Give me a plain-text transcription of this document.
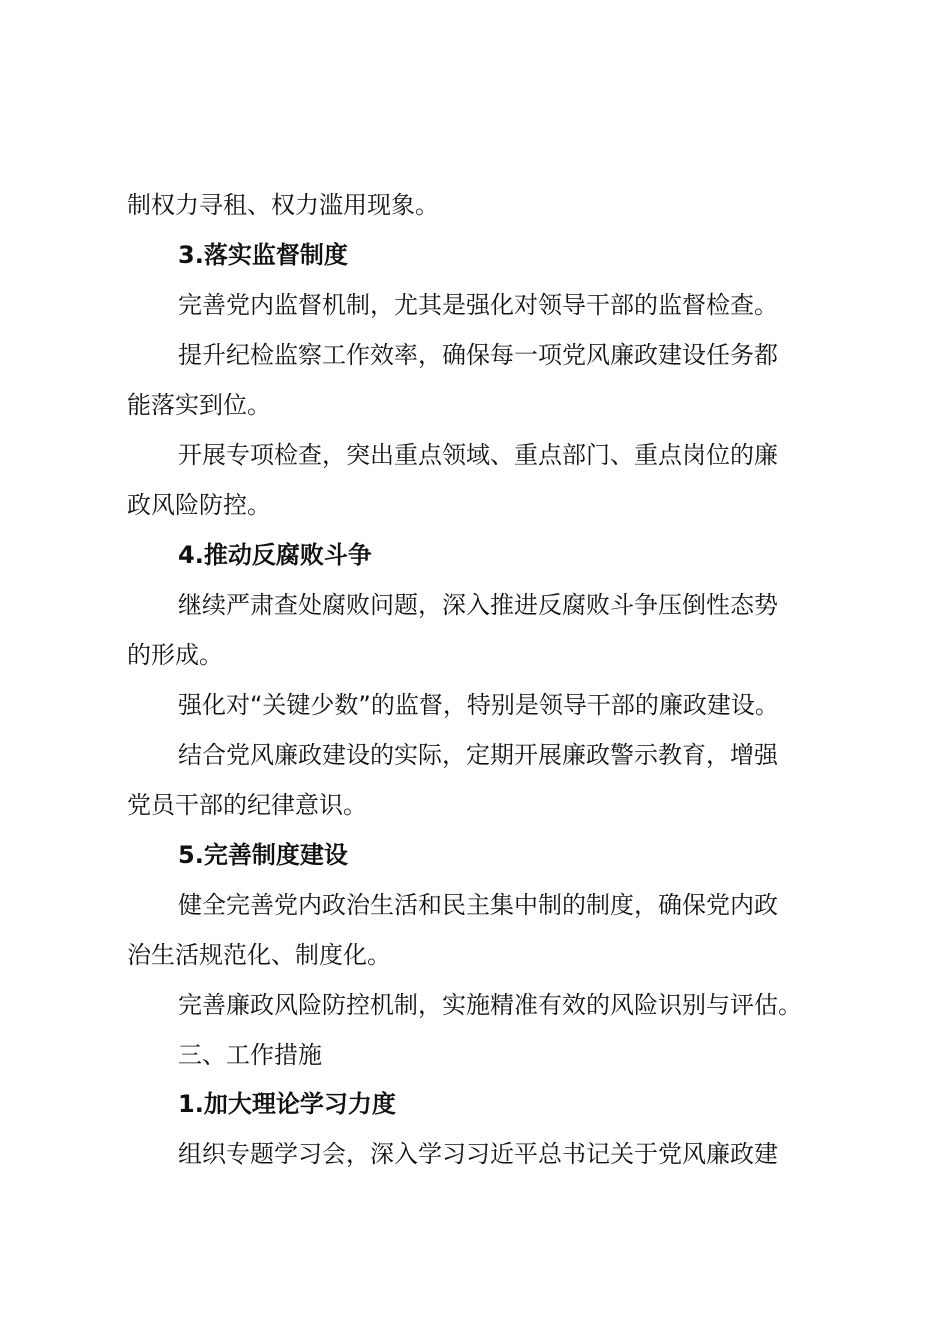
制权力寻租、权力滥用现象。
3.落实监督制度
完善党内监督机制，尤其是强化对领导干部的监督检查。
提升纪检监察工作效率，确保每一项党风廉政建设任务都
能落实到位。
开展专项检查，突出重点领域、重点部门、重点岗位的廉
政风险防控。
4.推动反腐败斗争
继续严肃查处腐败问题，深入推进反腐败斗争压倒性态势
的形成。
强化对“关键少数”的监督，特别是领导干部的廉政建设。
结合党风廉政建设的实际，定期开展廉政警示教育，增强
党员干部的纪律意识。
5.完善制度建设
健全完善党内政治生活和民主集中制的制度，确保党内政
治生活规范化、制度化。
完善廉政风险防控机制，实施精准有效的风险识别与评估。
三、工作措施
1.加大理论学习力度
组织专题学习会，深入学习习近平总书记关于党风廉政建
